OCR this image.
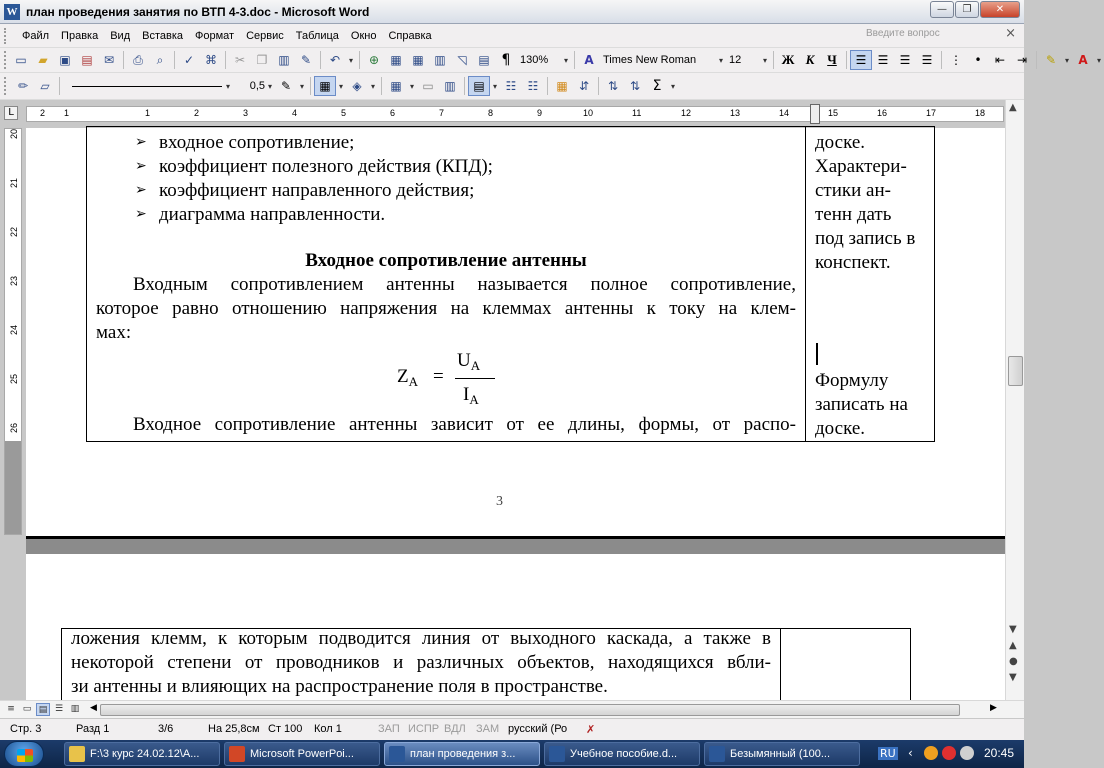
W план проведения занятия по ВТП 4-3.doc - Microsoft Word	—	❐	✕
Файл	Правка	Вид	Вставка	Формат	Сервис	Таблица	Окно	Справка	Введите вопрос	×
▭ ▰ ▣ ▤ ✉	⎙	⌕	✓ ⌘	✂ ❐ ▥ ✎	↶	▾	⊕ ▦ ▦ ▥ ◹ ▤ ¶ 130%	▾	A Times New Roman	▾ 12	▾	Ж К Ч	☰ ☰ ☰ ☰	⋮	•	⇤ ⇥	✎	▾ A	▾
✏	▱	▾	0,5 ▾ ✎	▾	▦	▾ ◈	▾	▦	▾ ▭ ▥	▤	▾ ☷ ☷	▦ ⇵	⇅ ⇅ Σ	▾
L	1
2	1	2	3	4	5	6	7	8	9	10	11	12	13	14	15	16	17	18
20
21
22
23
24
25
26
➢ входное сопротивление;
➢ коэффициент полезного действия (КПД);
➢ коэффициент направленного действия;
➢ диаграмма направленности.
Входное сопротивление антенны
Входным сопротивлением антенны называется полное сопротивление,
которое равно отношению напряжения на клеммах антенны к току на клем-
мах:
$Z_A$ =
$U_A$
$I_A$
Входное сопротивление антенны зависит от ее длины, формы, от распо-
доске.
Характери-
стики ан-
тенн дать
под запись в
конспект.
Формулу
записать на
доске.
3
ложения клемм, к которым подводится линия от выходного каскада, а также в
некоторой степени от проводников и различных объектов, находящихся вбли-
зи антенны и влияющих на распространение поля в пространстве.
▲
●
▲
▼
▼
≡ ▭ ▤ ☰ ▥	◀	▶
Стр. 3	Разд 1	3/6	На 25,8см Ст 100 Кол 1	ЗАП ИСПР ВДЛ ЗАМ русский (Ро ✗
F:\3 курс 24.02.12\A...	Microsoft PowerPoi...	план проведения з...	Учебное пособие.d...	Безымянный (100...	RU ‹	20:45
